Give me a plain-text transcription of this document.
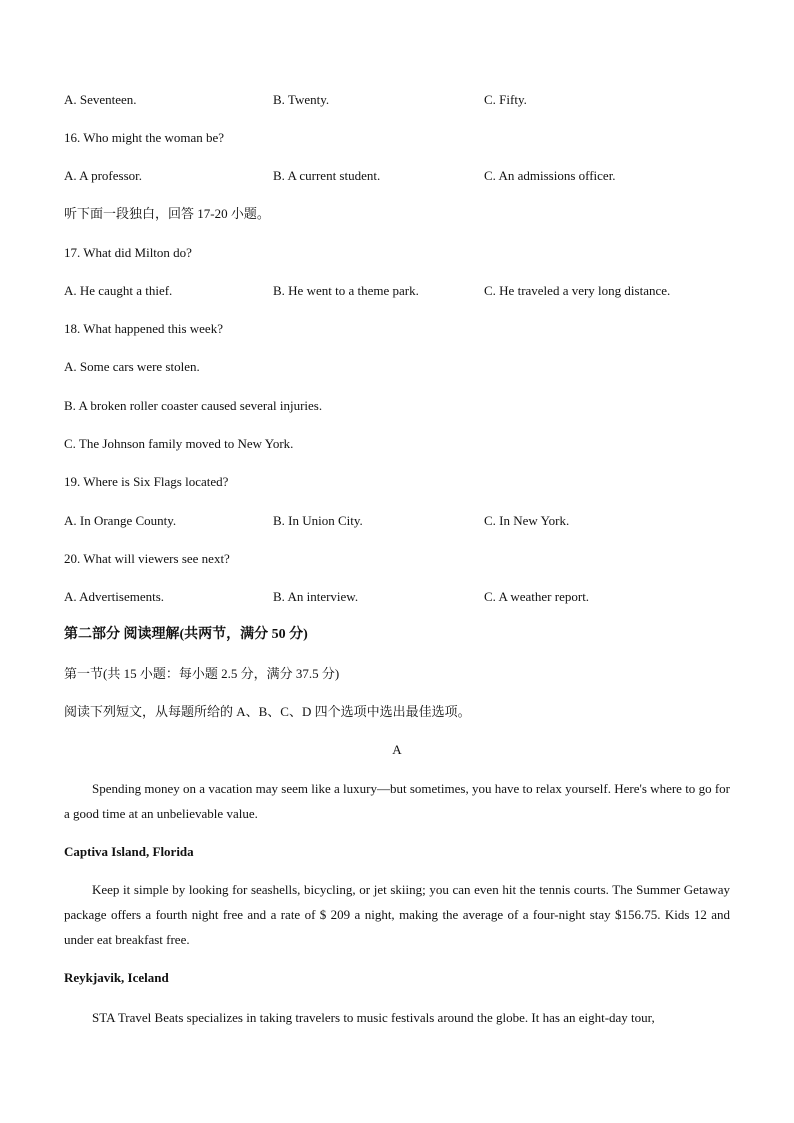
A. Seventeen.	B. Twenty.	C. Fifty.
16. Who might the woman be?
A. A professor.	B. A current student.	C. An admissions officer.
听下面一段独白，回答 17-20 小题。
17. What did Milton do?
A. He caught a thief.	B. He went to a theme park.	C. He traveled a very long distance.
18. What happened this week?
A. Some cars were stolen.
B. A broken roller coaster caused several injuries.
C. The Johnson family moved to New York.
19. Where is Six Flags located?
A. In Orange County.	B. In Union City.	C. In New York.
20. What will viewers see next?
A. Advertisements.	B. An interview.	C. A weather report.
第二部分 阅读理解(共两节，满分 50 分)
第一节(共 15 小题：每小题 2.5 分，满分 37.5 分)
阅读下列短文，从每题所给的 A、B、C、D 四个选项中选出最佳选项。
A
Spending money on a vacation may seem like a luxury—but sometimes, you have to relax yourself. Here's where to go for a good time at an unbelievable value.
Captiva Island, Florida
Keep it simple by looking for seashells, bicycling, or jet skiing; you can even hit the tennis courts. The Summer Getaway package offers a fourth night free and a rate of $ 209 a night, making the average of a four-night stay $156.75. Kids 12 and under eat breakfast free.
Reykjavik, Iceland
STA Travel Beats specializes in taking travelers to music festivals around the globe. It has an eight-day tour,
